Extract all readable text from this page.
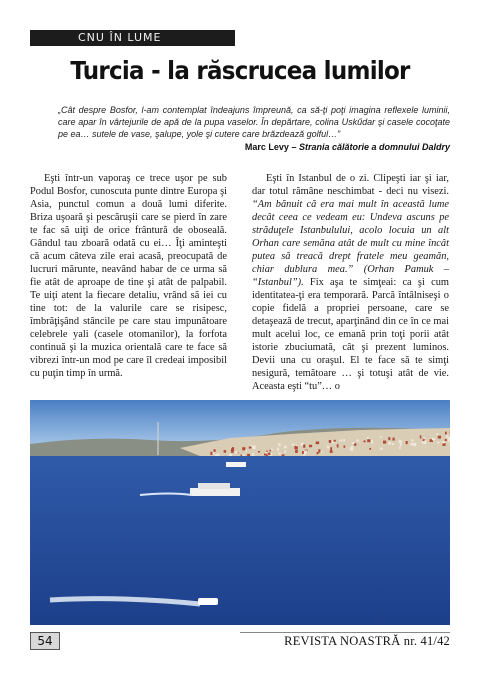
CNU ÎN LUME
Turcia - la răscrucea lumilor

„Cât despre Bosfor, l-am contemplat îndeajuns împreună, ca să-ţi poţi imagina reflexele luminii, care apar în vârtejurile de apă de la pupa vaselor. În depărtare, colina Uskűdar şi casele cocoţate pe ea… sutele de vase, şalupe, yole şi cutere care brăzdează golful…”

Marc Levy – Strania călătorie a domnului Daldry

Eşti într-un vaporaş ce trece uşor pe sub Podul Bosfor, cunoscuta punte dintre Europa şi Asia, punctul comun a două lumi diferite. Briza uşoară şi pescăruşii care se pierd în zare te fac să uiţi de orice frântură de oboseală. Gândul tau zboară odată cu ei… Îţi aminteşti că acum câteva zile erai acasă, preocupată de lucruri mărunte, neavând habar de ce urma să fie atât de aproape de tine şi atât de palpabil. Te uiţi atent la fiecare detaliu, vrând să iei cu tine tot: de la valurile care se risipesc, îmbrăţişând stâncile pe care stau impunătoare celebrele yali (casele otomanilor), la forfota continuă şi la muzica orientală care te face să vibrezi într-un mod pe care îl credeai imposibil cu puţin timp în urmă.

Eşti în Istanbul de o zi. Clipeşti iar şi iar, dar totul rămâne neschimbat - deci nu visezi. “Am bănuit că era mai mult în această lume decât ceea ce vedeam eu: Undeva ascuns pe străduţele Istanbulului, acolo locuia un alt Orhan care semăna atât de mult cu mine încât putea să treacă drept fratele meu geamăn, chiar dublura mea.” (Orhan Pamuk – “Istanbul”). Fix aşa te simţeai: ca şi cum identitatea-ţi era temporară. Parcă întâlniseşi o copie fidelă a propriei persoane, care se detaşează de trecut, aparţinând din ce în ce mai mult acelui loc, ce emană prin toţi porii atât istorie zbuciumată, cât şi prezent luminos. Devii una cu oraşul. El te face să te simţi nesigură, temătoare … şi totuşi atât de vie. Aceasta eşti “tu”… o

54	REVISTA NOASTRĂ nr. 41/42
